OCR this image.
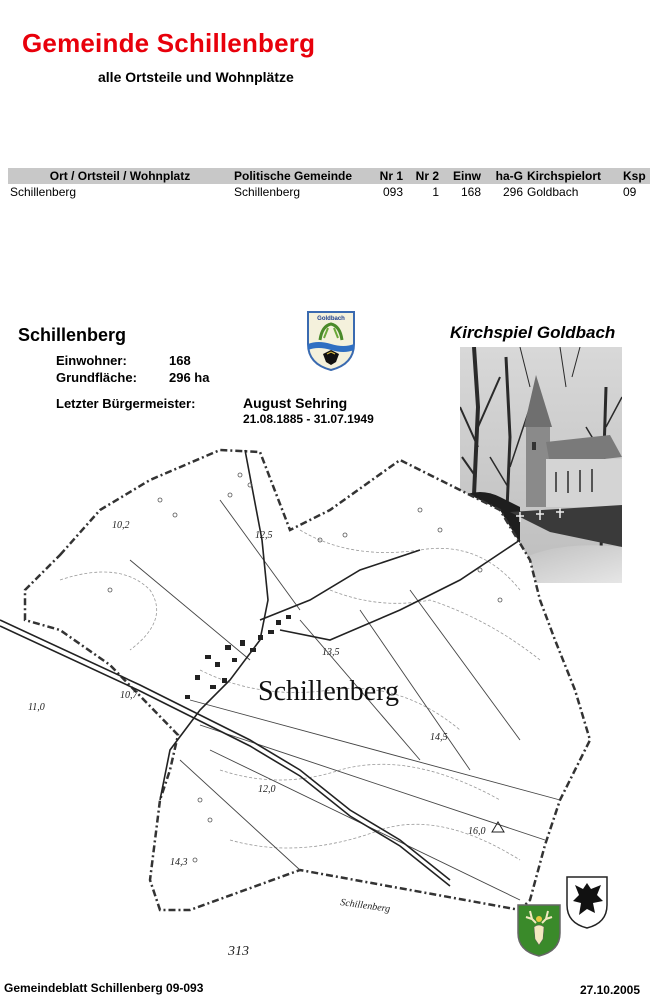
Gemeinde Schillenberg
alle Ortsteile und Wohnplätze
Ort / Ortsteil / Wohnplatz	Politische Gemeinde	Nr 1	Nr 2	Einw	ha-G	Kirchspielort	Ksp
Schillenberg	Schillenberg	093	1	168	296	Goldbach	09
Schillenberg
Einwohner:	168
Grundfläche:	296 ha
Letzter Bürgermeister:	August Sehring
21.08.1885 - 31.07.1949
Goldbach
Kirchspiel Goldbach
10,2
11,0
10,7
12,0
12,5
13,5
14,5
14,3
16,0
313
Schillenberg
Schillenberg
Gemeindeblatt Schillenberg 09-093	27.10.2005
